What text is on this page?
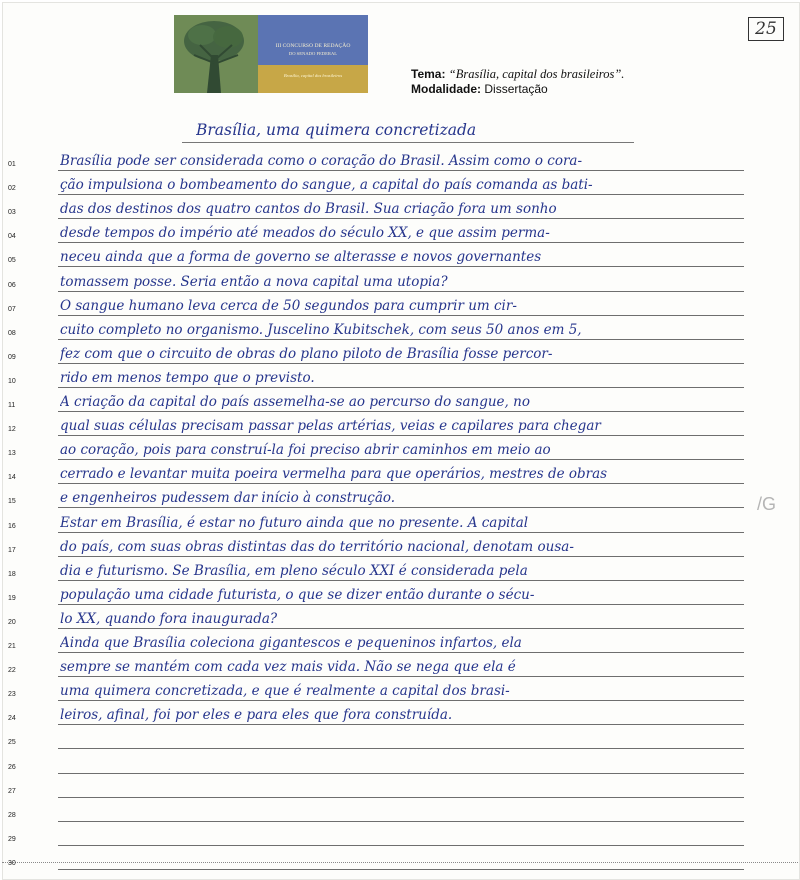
III CONCURSO DE REDAÇÃO
DO SENADO FEDERAL
Brasília, capital dos brasileiros	Tema: “Brasília, capital dos brasileiros”.
Modalidade: Dissertação
25
Brasília, uma quimera concretizada
01	Brasília pode ser considerada como o coração do Brasil. Assim como o cora-
02	ção impulsiona o bombeamento do sangue, a capital do país comanda as bati-
03	das dos destinos dos quatro cantos do Brasil. Sua criação fora um sonho
04	desde tempos do império até meados do século XX, e que assim perma-
05	neceu ainda que a forma de governo se alterasse e novos governantes
06	tomassem posse. Seria então a nova capital uma utopia?
07	O sangue humano leva cerca de 50 segundos para cumprir um cir-
08	cuito completo no organismo. Juscelino Kubitschek, com seus 50 anos em 5,
09	fez com que o circuito de obras do plano piloto de Brasília fosse percor-
10	rido em menos tempo que o previsto.
11	A criação da capital do país assemelha-se ao percurso do sangue, no
12	qual suas células precisam passar pelas artérias, veias e capilares para chegar
13	ao coração, pois para construí-la foi preciso abrir caminhos em meio ao
14	cerrado e levantar muita poeira vermelha para que operários, mestres de obras
15	e engenheiros pudessem dar início à construção.
16	Estar em Brasília, é estar no futuro ainda que no presente. A capital
17	do país, com suas obras distintas das do território nacional, denotam ousa-
18	dia e futurismo. Se Brasília, em pleno século XXI é considerada pela
19	população uma cidade futurista, o que se dizer então durante o sécu-
20	lo XX, quando fora inaugurada?
21	Ainda que Brasília coleciona gigantescos e pequeninos infartos, ela
22	sempre se mantém com cada vez mais vida. Não se nega que ela é
23	uma quimera concretizada, e que é realmente a capital dos brasi-
24	leiros, afinal, foi por eles e para eles que fora construída.
25
26
27
28
29
30
/G
